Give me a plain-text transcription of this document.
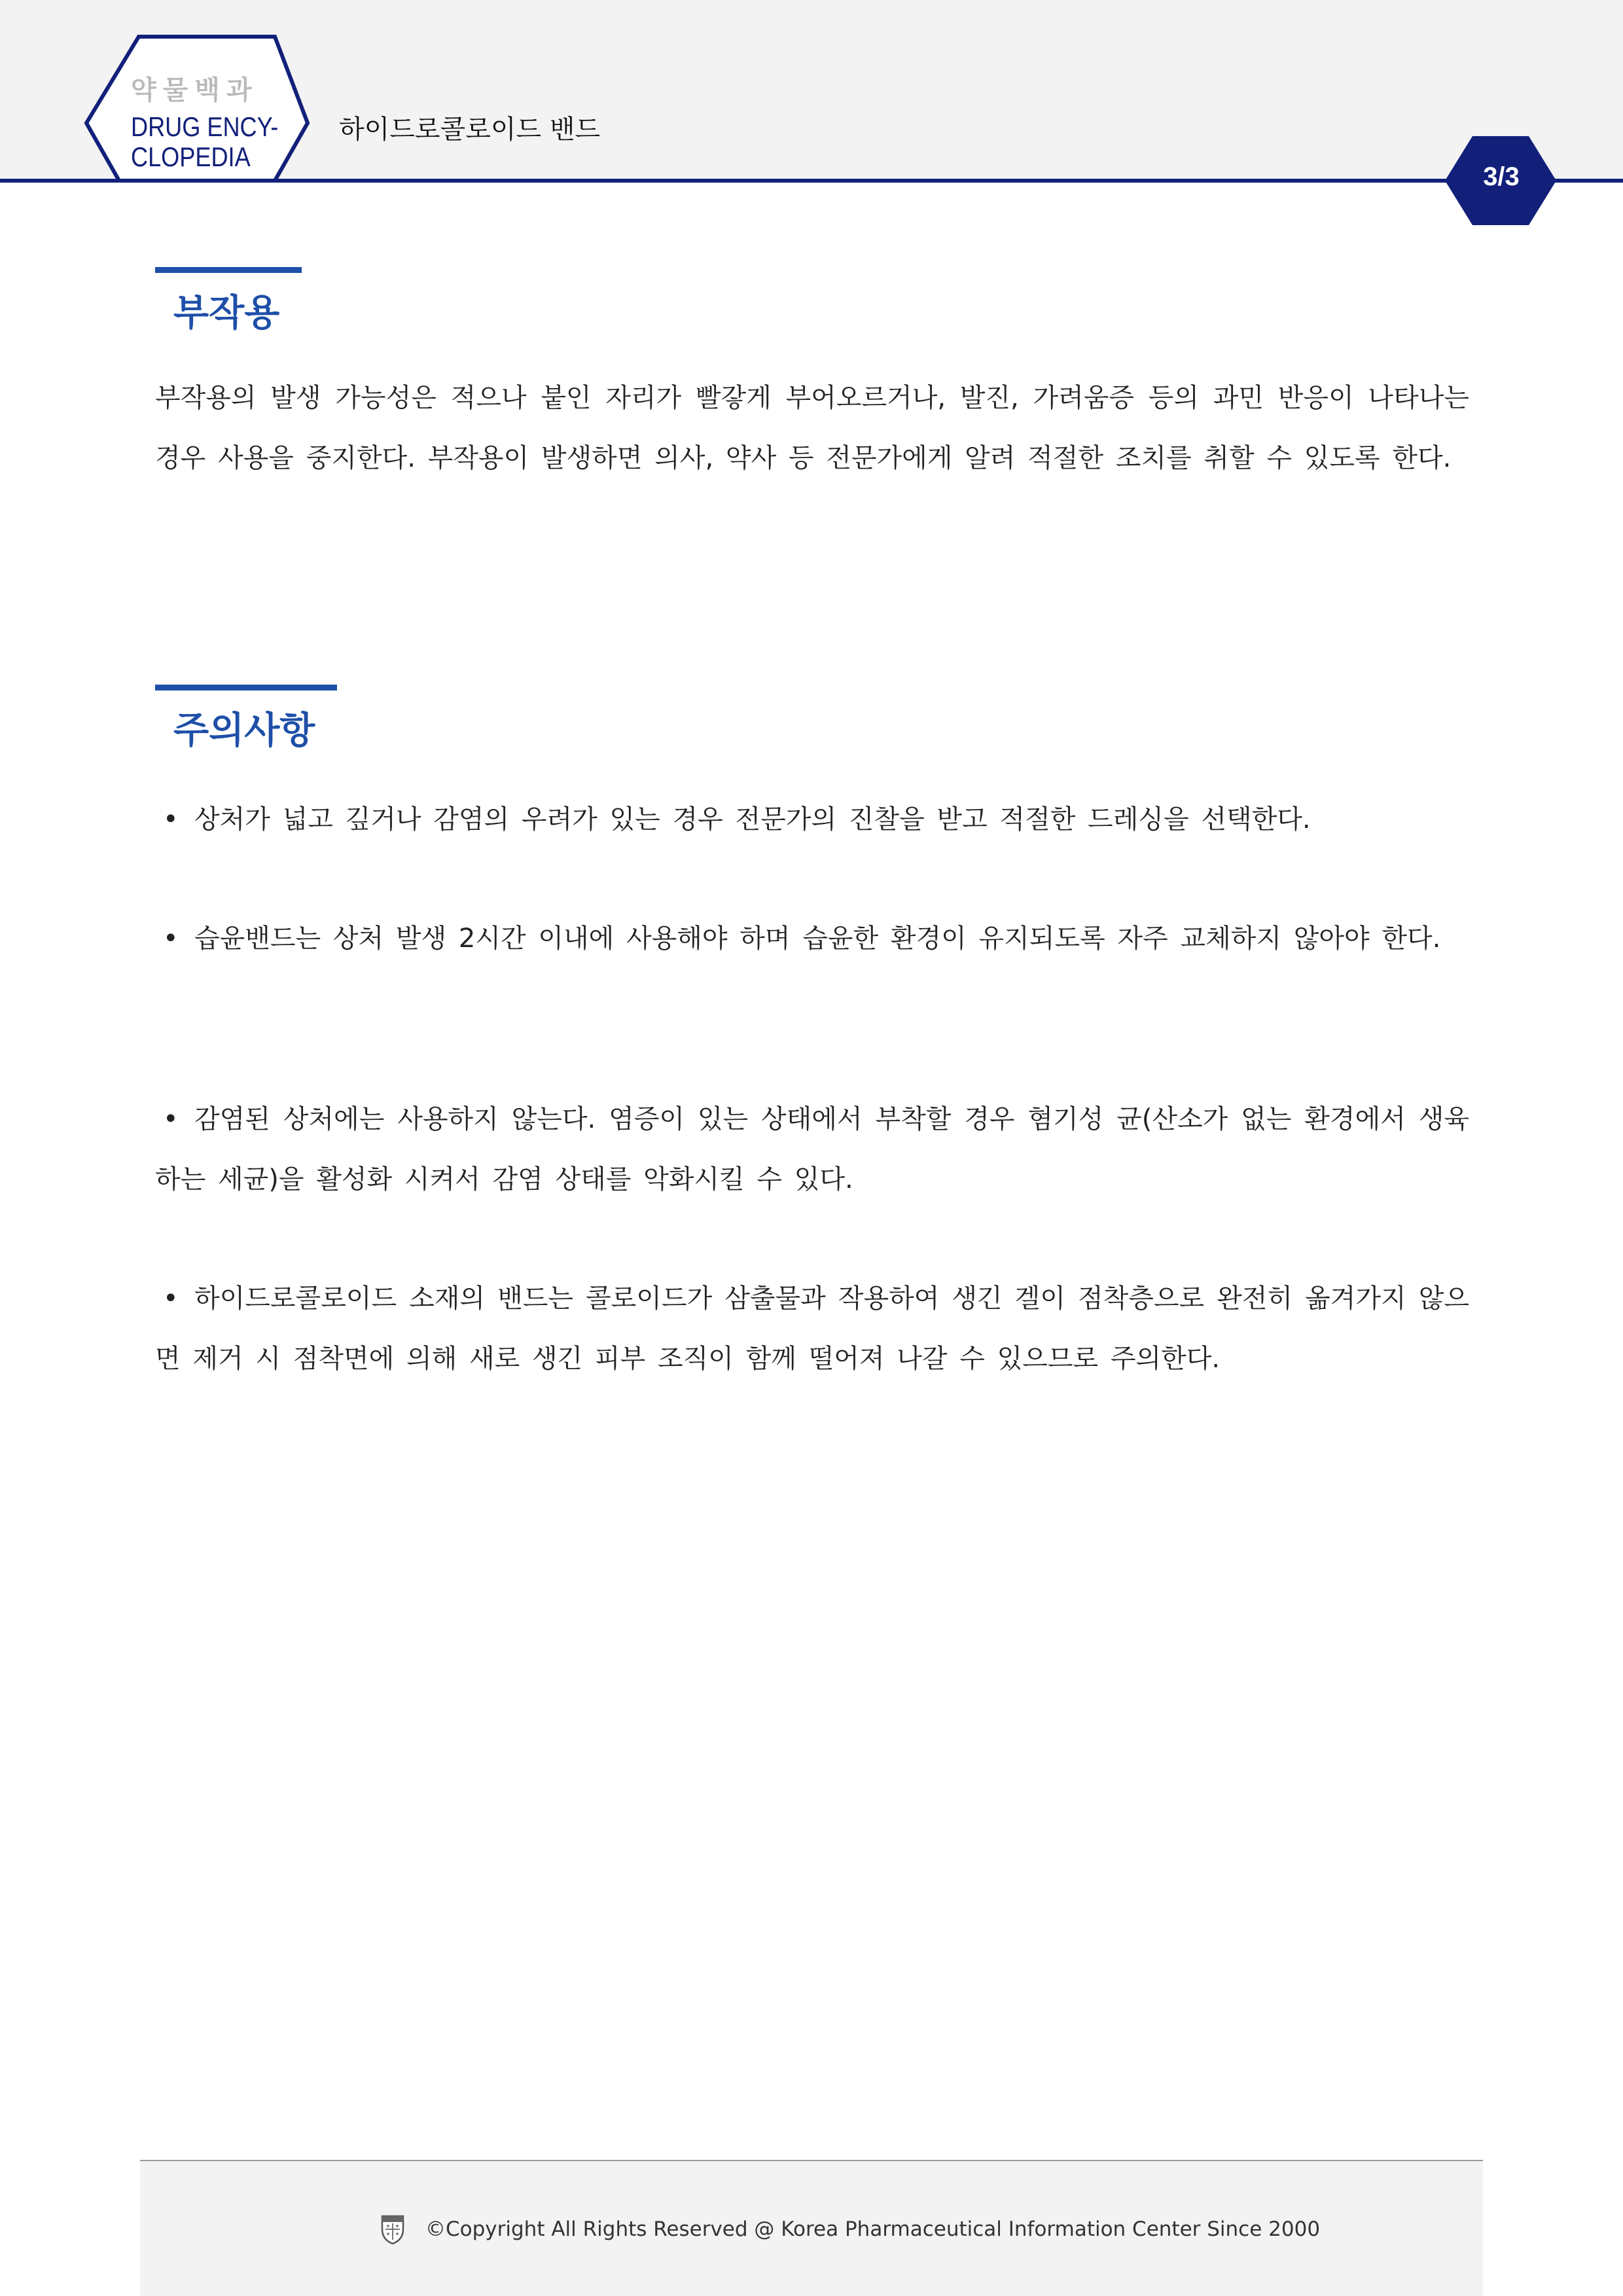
약물백과
DRUG ENCY-
CLOPEDIA
하이드로콜로이드 밴드
3/3
부작용
부작용의 발생 가능성은 적으나 붙인 자리가 빨갛게 부어오르거나, 발진, 가려움증 등의 과민 반응이 나타나는 경우 사용을 중지한다. 부작용이 발생하면 의사, 약사 등 전문가에게 알려 적절한 조치를 취할 수 있도록 한다.
주의사항
• 상처가 넓고 깊거나 감염의 우려가 있는 경우 전문가의 진찰을 받고 적절한 드레싱을 선택한다.
• 습윤밴드는 상처 발생 2시간 이내에 사용해야 하며 습윤한 환경이 유지되도록 자주 교체하지 않아야 한다.
• 감염된 상처에는 사용하지 않는다. 염증이 있는 상태에서 부착할 경우 혐기성 균(산소가 없는 환경에서 생육하는 세균)을 활성화 시켜서 감염 상태를 악화시킬 수 있다.
• 하이드로콜로이드 소재의 밴드는 콜로이드가 삼출물과 작용하여 생긴 겔이 점착층으로 완전히 옮겨가지 않으면 제거 시 점착면에 의해 새로 생긴 피부 조직이 함께 떨어져 나갈 수 있으므로 주의한다.
©Copyright All Rights Reserved @ Korea Pharmaceutical Information Center Since 2000
